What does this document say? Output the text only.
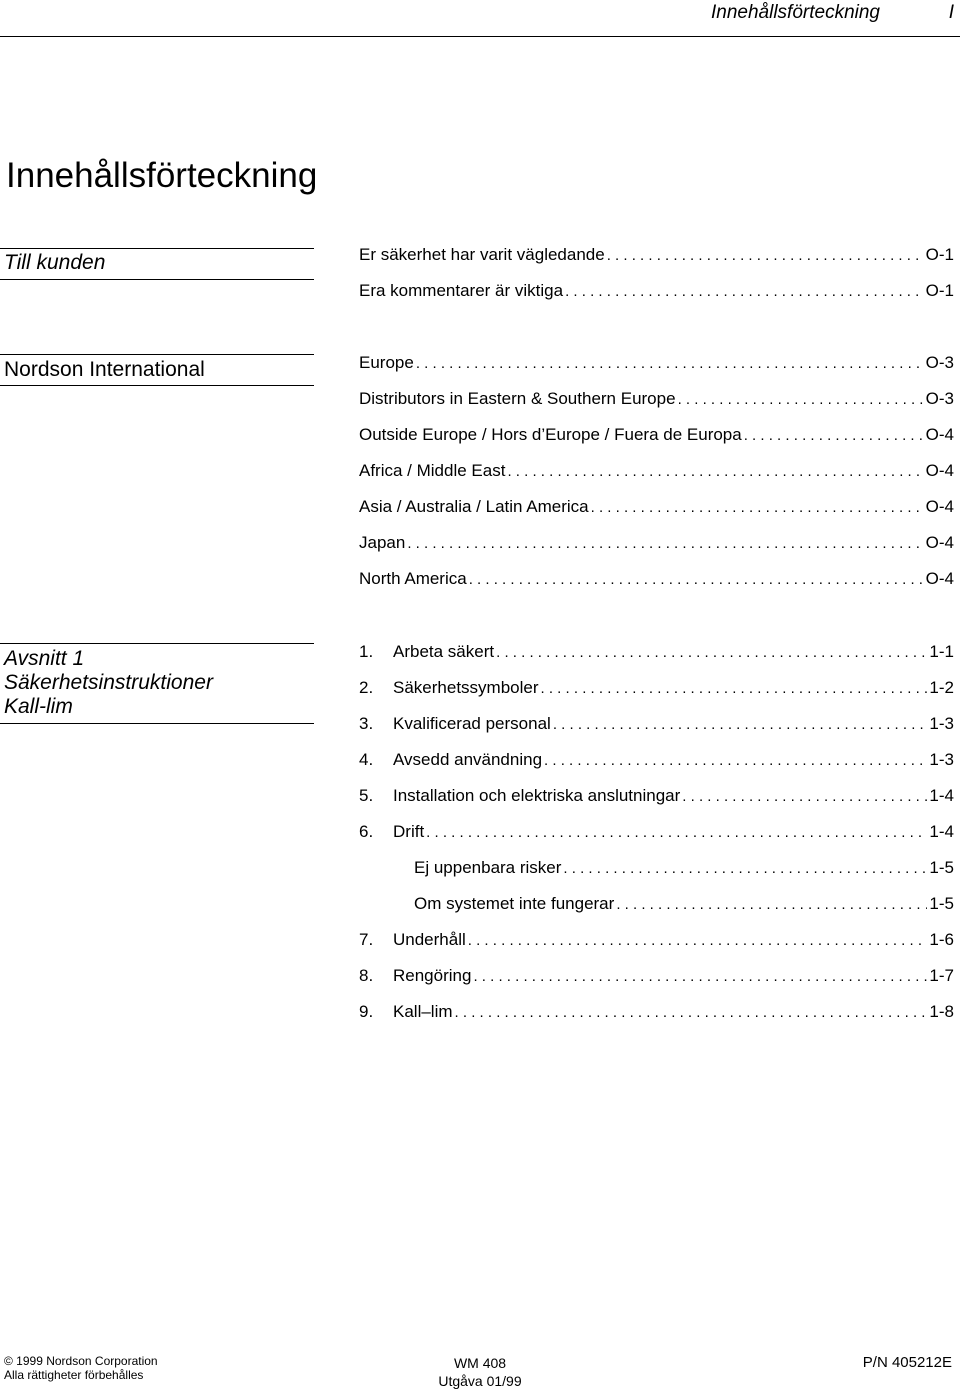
Innehållsförteckning	I
Innehållsförteckning
Till kunden	Er säkerhet har varit vägledande . . .	O-1
Era kommentarer är viktiga . . .	O-1
Nordson International	Europe . . .	O-3
Distributors in Eastern & Southern Europe . . .	O-3
Outside Europe / Hors d’Europe / Fuera de Europa . . .	O-4
Africa / Middle East . . .	O-4
Asia / Australia / Latin America . . .	O-4
Japan . . .	O-4
North America . . .	O-4
Avsnitt 1
Säkerhetsinstruktioner
Kall-lim
1.	Arbeta säkert . . .	1-1
2.	Säkerhetssymboler . . .	1-2
3.	Kvalificerad personal . . .	1-3
4.	Avsedd användning . . .	1-3
5.	Installation och elektriska anslutningar . . .	1-4
6.	Drift . . .	1-4
Ej uppenbara risker . . .	1-5
Om systemet inte fungerar . . .	1-5
7.	Underhåll . . .	1-6
8.	Rengöring . . .	1-7
9.	Kall–lim . . .	1-8
© 1999 Nordson Corporation
Alla rättigheter förbehålles
WM 408
Utgåva 01/99
P/N 405212E
